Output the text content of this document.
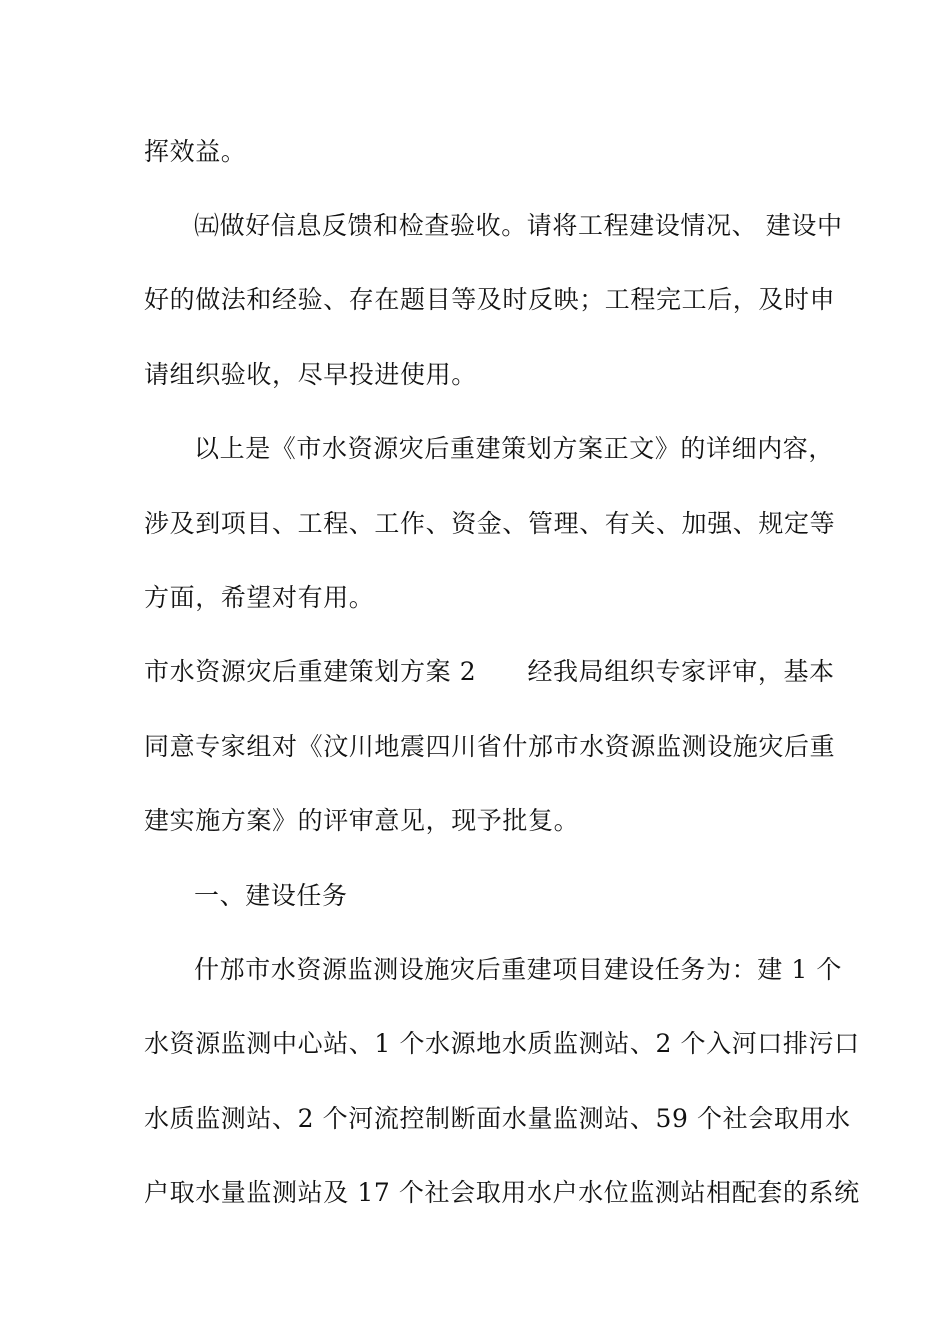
挥效益。
㈤做好信息反馈和检查验收。请将工程建设情况、 建设中
好的做法和经验、存在题目等及时反映；工程完工后，及时申
请组织验收，尽早投进使用。
以上是《市水资源灾后重建策划方案正文》的详细内容，
涉及到项目、工程、工作、资金、管理、有关、加强、规定等
方面，希望对有用。
市水资源灾后重建策划方案 2　　经我局组织专家评审，基本
同意专家组对《汶川地震四川省什邡市水资源监测设施灾后重
建实施方案》的评审意见，现予批复。
一、建设任务
什邡市水资源监测设施灾后重建项目建设任务为：建 1 个
水资源监测中心站、1 个水源地水质监测站、2 个入河口排污口
水质监测站、2 个河流控制断面水量监测站、59 个社会取用水
户取水量监测站及 17 个社会取用水户水位监测站相配套的系统
